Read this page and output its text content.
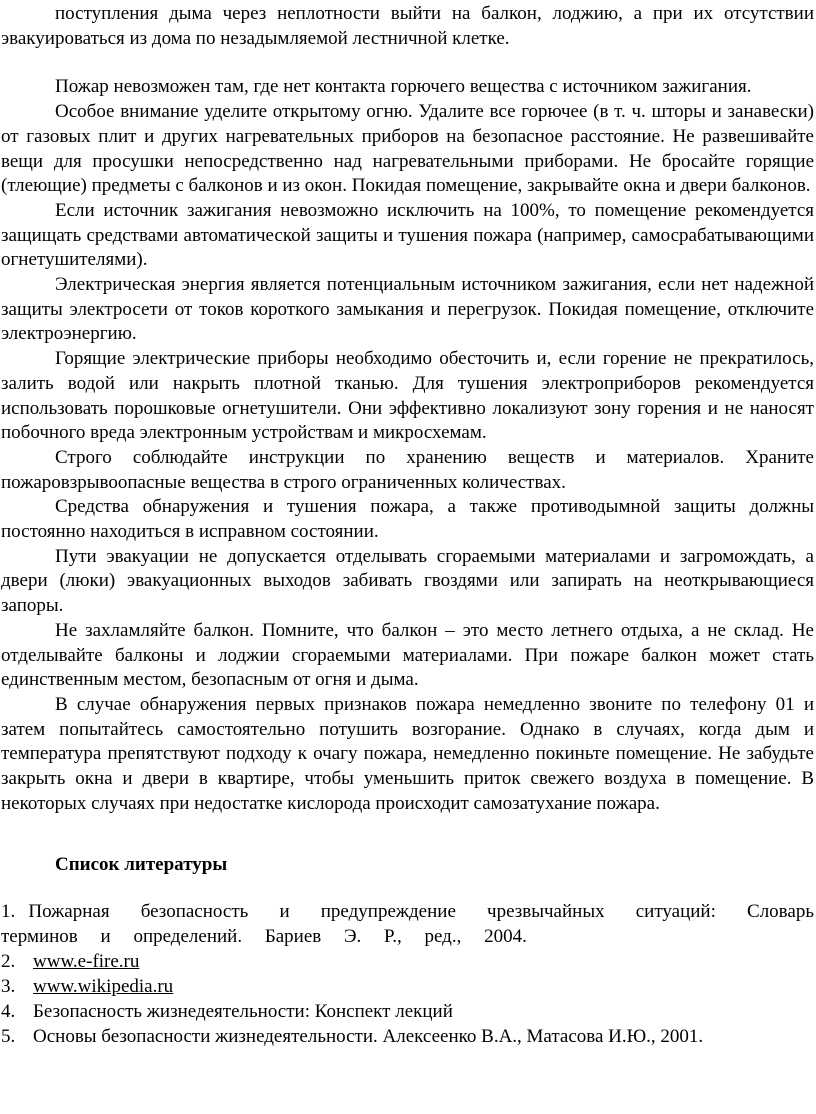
поступления дыма через неплотности выйти на балкон, лоджию, а при их отсутствии эвакуироваться из дома по незадымляемой лестничной клетке.

Пожар невозможен там, где нет контакта горючего вещества с источником зажигания.

Особое внимание уделите открытому огню. Удалите все горючее (в т. ч. шторы и занавески) от газовых плит и других нагревательных приборов на безопасное расстояние. Не развешивайте вещи для просушки непосредственно над нагревательными приборами. Не бросайте горящие (тлеющие) предметы с балконов и из окон. Покидая помещение, закрывайте окна и двери балконов.

Если источник зажигания невозможно исключить на 100%, то помещение рекомендуется защищать средствами автоматической защиты и тушения пожара (например, самосрабатывающими огнетушителями).

Электрическая энергия является потенциальным источником зажигания, если нет надежной защиты электросети от токов короткого замыкания и перегрузок. Покидая помещение, отключите электроэнергию.

Горящие электрические приборы необходимо обесточить и, если горение не прекратилось, залить водой или накрыть плотной тканью. Для тушения электроприборов рекомендуется использовать порошковые огнетушители. Они эффективно локализуют зону горения и не наносят побочного вреда электронным устройствам и микросхемам.

Строго соблюдайте инструкции по хранению веществ и материалов. Храните пожаровзрывоопасные вещества в строго ограниченных количествах.

Средства обнаружения и тушения пожара, а также противодымной защиты должны постоянно находиться в исправном состоянии.

Пути эвакуации не допускается отделывать сгораемыми материалами и загромождать, а двери (люки) эвакуационных выходов забивать гвоздями или запирать на неоткрывающиеся запоры.

Не захламляйте балкон. Помните, что балкон – это место летнего отдыха, а не склад. Не отделывайте балконы и лоджии сгораемыми материалами. При пожаре балкон может стать единственным местом, безопасным от огня и дыма.

В случае обнаружения первых признаков пожара немедленно звоните по телефону 01 и затем попытайтесь самостоятельно потушить возгорание. Однако в случаях, когда дым и температура препятствуют подходу к очагу пожара, немедленно покиньте помещение. Не забудьте закрыть окна и двери в квартире, чтобы уменьшить приток свежего воздуха в помещение. В некоторых случаях при недостатке кислорода происходит самозатухание пожара.

Список литературы
1. Пожарная безопасность и предупреждение чрезвычайных ситуаций: Словарь терминов и определений. Бариев Э. Р., ред., 2004.
2. www.e-fire.ru
3. www.wikipedia.ru
4. Безопасность жизнедеятельности: Конспект лекций
5. Основы безопасности жизнедеятельности. Алексеенко В.А., Матасова И.Ю., 2001.
